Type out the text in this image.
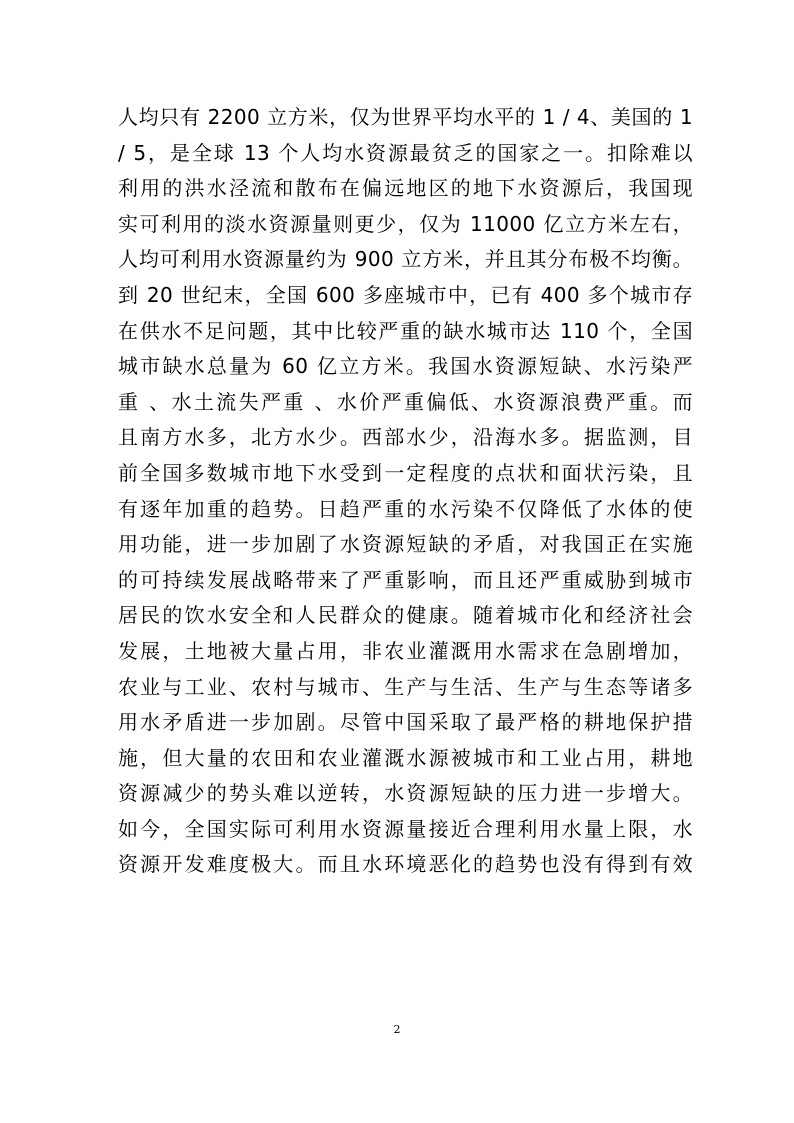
人均只有 2200 立方米，仅为世界平均水平的 1 / 4、美国的 1
/ 5，是全球 13 个人均水资源最贫乏的国家之一。扣除难以
利用的洪水泾流和散布在偏远地区的地下水资源后，我国现
实可利用的淡水资源量则更少，仅为 11000 亿立方米左右，
人均可利用水资源量约为 900 立方米，并且其分布极不均衡。
到 20 世纪末，全国 600 多座城市中，已有 400 多个城市存
在供水不足问题，其中比较严重的缺水城市达 110 个，全国
城市缺水总量为 60 亿立方米。我国水资源短缺、水污染严
重 、水土流失严重 、水价严重偏低、水资源浪费严重。而
且南方水多，北方水少。西部水少，沿海水多。据监测，目
前全国多数城市地下水受到一定程度的点状和面状污染，且
有逐年加重的趋势。日趋严重的水污染不仅降低了水体的使
用功能，进一步加剧了水资源短缺的矛盾，对我国正在实施
的可持续发展战略带来了严重影响，而且还严重威胁到城市
居民的饮水安全和人民群众的健康。随着城市化和经济社会
发展，土地被大量占用，非农业灌溉用水需求在急剧增加，
农业与工业、农村与城市、生产与生活、生产与生态等诸多
用水矛盾进一步加剧。尽管中国采取了最严格的耕地保护措
施，但大量的农田和农业灌溉水源被城市和工业占用，耕地
资源减少的势头难以逆转，水资源短缺的压力进一步增大。
如今，全国实际可利用水资源量接近合理利用水量上限，水
资源开发难度极大。而且水环境恶化的趋势也没有得到有效
2
